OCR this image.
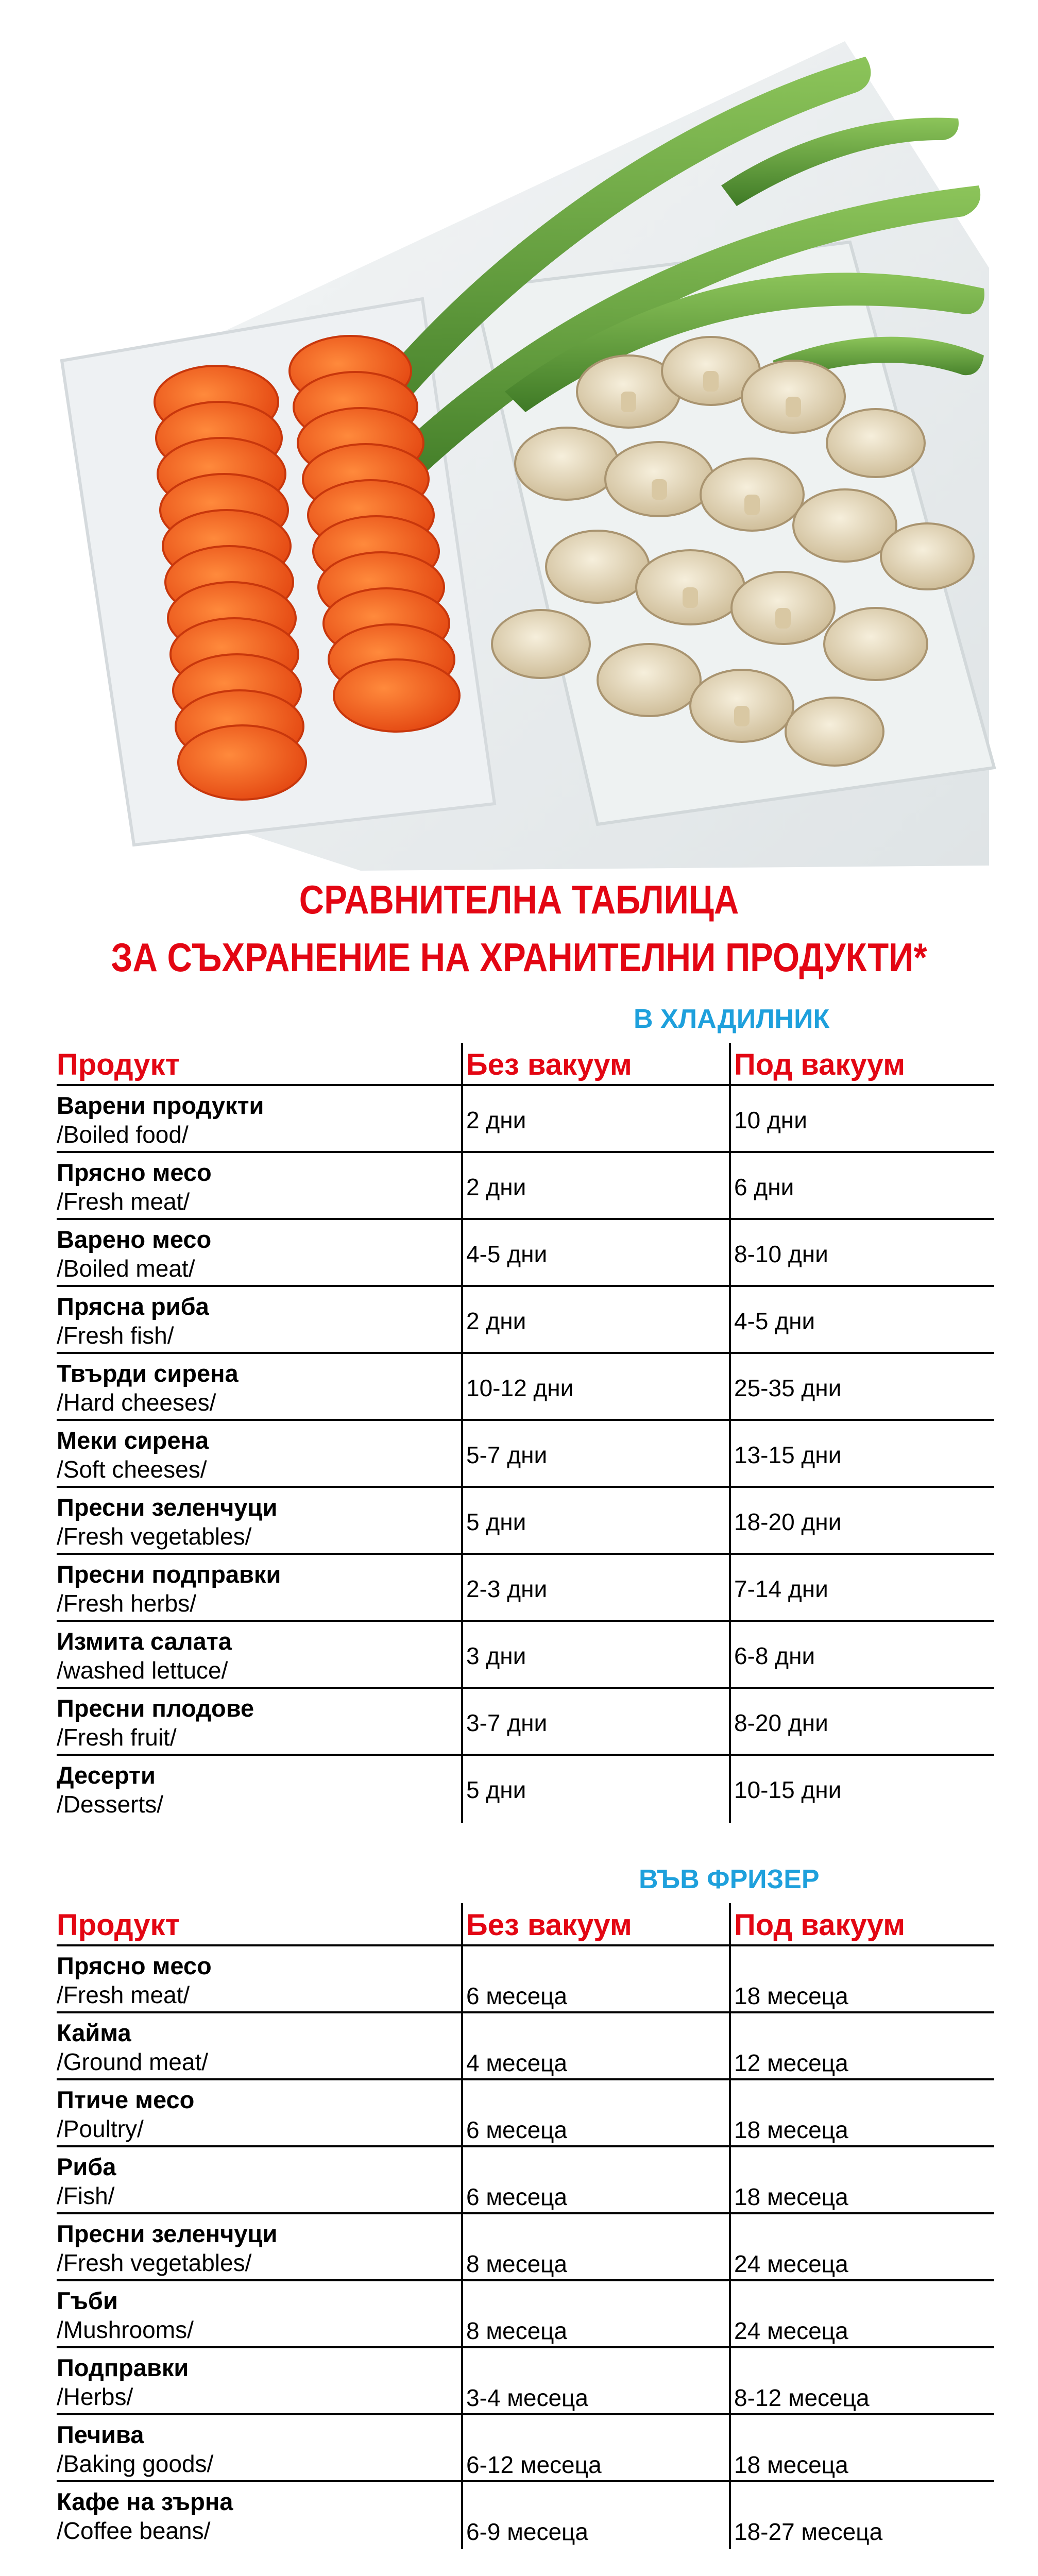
СРАВНИТЕЛНА ТАБЛИЦА
ЗА СЪХРАНЕНИЕ НА ХРАНИТЕЛНИ ПРОДУКТИ*
В ХЛАДИЛНИК
Продукт	Без вакуум	Под вакуум
Варени продукти
/Boiled food/
2 дни	10 дни
Прясно месо
/Fresh meat/
2 дни	6 дни
Варено месо
/Boiled meat/
4-5 дни	8-10 дни
Прясна риба
/Fresh fish/
2 дни	4-5 дни
Твърди сирена
/Hard cheeses/
10-12 дни	25-35 дни
Меки сирена
/Soft cheeses/
5-7 дни	13-15 дни
Пресни зеленчуци
/Fresh vegetables/
5 дни	18-20 дни
Пресни подправки
/Fresh herbs/
2-3 дни	7-14 дни
Измита салата
/washed lettuce/
3 дни	6-8 дни
Пресни плодове
/Fresh fruit/
3-7 дни	8-20 дни
Десерти
/Desserts/
5 дни	10-15 дни
ВЪВ ФРИЗЕР
Продукт	Без вакуум	Под вакуум
Прясно месо
/Fresh meat/	6 месеца	18 месеца
Кайма
/Ground meat/	4 месеца	12 месеца
Птиче месо
/Poultry/	6 месеца	18 месеца
Риба
/Fish/	6 месеца	18 месеца
Пресни зеленчуци
/Fresh vegetables/	8 месеца	24 месеца
Гъби
/Mushrooms/	8 месеца	24 месеца
Подправки
/Herbs/	3-4 месеца	8-12 месеца
Печива
/Baking goods/	6-12 месеца	18 месеца
Кафе на зърна
/Coffee beans/	6-9 месеца	18-27 месеца
